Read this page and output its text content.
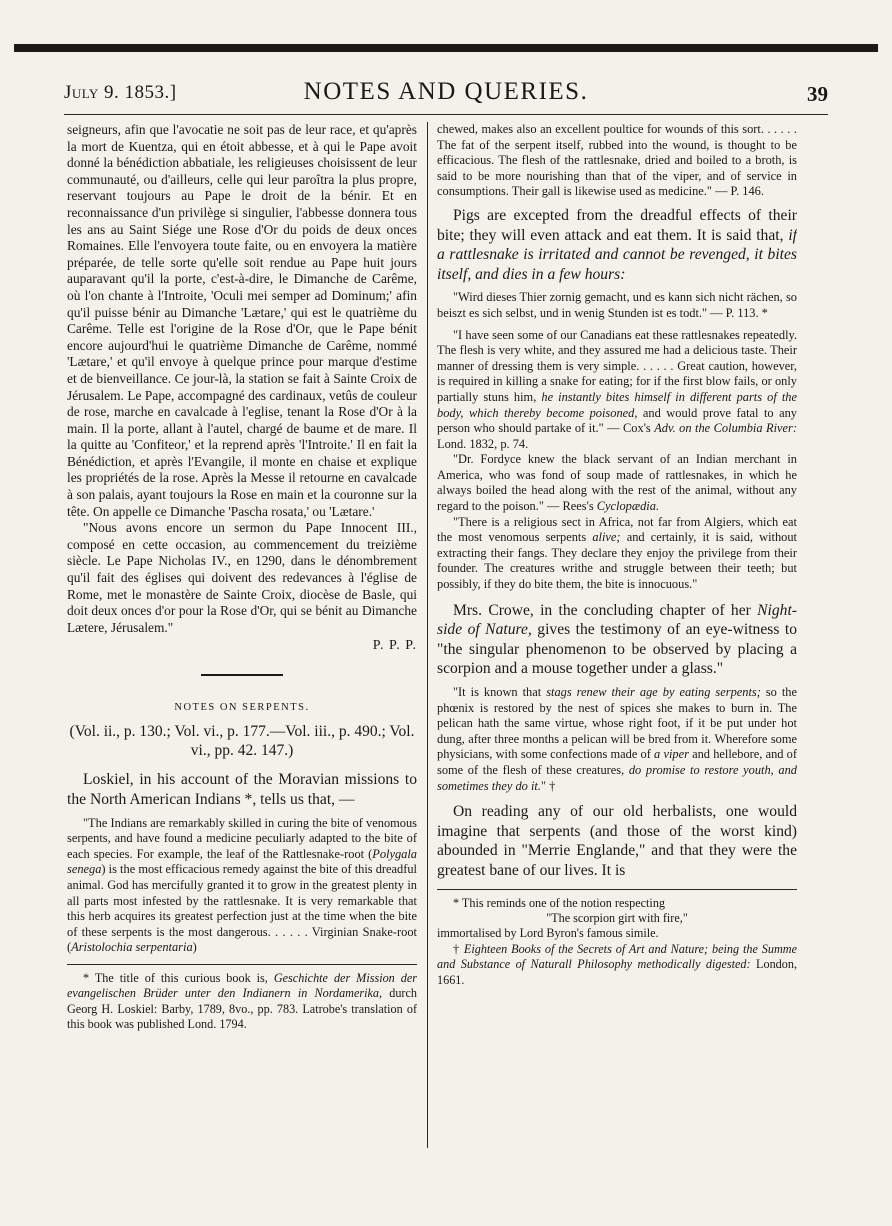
July 9. 1853.]	NOTES AND QUERIES.	39

seigneurs, afin que l'avocatie ne soit pas de leur race, et qu'après la mort de Kuentza, qui en étoit abbesse, et à qui le Pape avoit donné la bénédiction abbatiale, les religieuses choisissent de leur communauté, ou d'ailleurs, celle qui leur paroîtra la plus propre, reservant toujours au Pape le droit de la bénir. Et en reconnaissance d'un privilège si singulier, l'abbesse donnera tous les ans au Saint Siége une Rose d'Or du poids de deux onces Romaines. Elle l'envoyera toute faite, ou en envoyera la matière préparée, de telle sorte qu'elle soit rendue au Pape huit jours auparavant qu'il la porte, c'est-à-dire, le Dimanche de Carême, où l'on chante à l'Introite, 'Oculi mei semper ad Dominum;' afin qu'il puisse bénir au Dimanche 'Lætare,' qui est le quatrième du Carême. Telle est l'origine de la Rose d'Or, que le Pape bénit encore aujourd'hui le quatrième Dimanche de Carême, nommé 'Lætare,' et qu'il envoye à quelque prince pour marque d'estime et de bienveillance. Ce jour-là, la station se fait à Sainte Croix de Jérusalem. Le Pape, accompagné des cardinaux, vetûs de couleur de rose, marche en cavalcade à l'eglise, tenant la Rose d'Or à la main. Il la porte, allant à l'autel, chargé de baume et de mare. Il la quitte au 'Confiteor,' et la reprend après 'l'Introite.' Il en fait la Bénédiction, et après l'Evangile, il monte en chaise et explique les propriétés de la rose. Après la Messe il retourne en cavalcade à son palais, ayant toujours la Rose en main et la couronne sur la tête. On appelle ce Dimanche 'Pascha rosata,' ou 'Lætare.'

"Nous avons encore un sermon du Pape Innocent III., composé en cette occasion, au commencement du treizième siècle. Le Pape Nicholas IV., en 1290, dans le dénombrement qu'il fait des églises qui doivent des redevances à l'église de Rome, met le monastère de Sainte Croix, diocèse de Basle, qui doit deux onces d'or pour la Rose d'Or, qui se bénit au Dimanche Lætere, Jérusalem."

P. P. P.
NOTES ON SERPENTS.
(Vol. ii., p. 130.; Vol. vi., p. 177.—Vol. iii., p. 490.; Vol. vi., pp. 42. 147.)

Loskiel, in his account of the Moravian missions to the North American Indians *, tells us that, —

"The Indians are remarkably skilled in curing the bite of venomous serpents, and have found a medicine peculiarly adapted to the bite of each species. For example, the leaf of the Rattlesnake-root (Polygala senega) is the most efficacious remedy against the bite of this dreadful animal. God has mercifully granted it to grow in the greatest plenty in all parts most infested by the rattlesnake. It is very remarkable that this herb acquires its greatest perfection just at the time when the bite of these serpents is the most dangerous. . . . . . Virginian Snake-root (Aristolochia serpentaria)

* The title of this curious book is, Geschichte der Mission der evangelischen Brüder unter den Indianern in Nordamerika, durch Georg H. Loskiel: Barby, 1789, 8vo., pp. 783. Latrobe's translation of this book was published Lond. 1794.

chewed, makes also an excellent poultice for wounds of this sort. . . . . . The fat of the serpent itself, rubbed into the wound, is thought to be efficacious. The flesh of the rattlesnake, dried and boiled to a broth, is said to be more nourishing than that of the viper, and of service in consumptions. Their gall is likewise used as medicine." — P. 146.

Pigs are excepted from the dreadful effects of their bite; they will even attack and eat them. It is said that, if a rattlesnake is irritated and cannot be revenged, it bites itself, and dies in a few hours:

"Wird dieses Thier zornig gemacht, und es kann sich nicht rächen, so beiszt es sich selbst, und in wenig Stunden ist es todt." — P. 113. *

"I have seen some of our Canadians eat these rattlesnakes repeatedly. The flesh is very white, and they assured me had a delicious taste. Their manner of dressing them is very simple. . . . . . Great caution, however, is required in killing a snake for eating; for if the first blow fails, or only partially stuns him, he instantly bites himself in different parts of the body, which thereby become poisoned, and would prove fatal to any person who should partake of it." — Cox's Adv. on the Columbia River: Lond. 1832, p. 74.

"Dr. Fordyce knew the black servant of an Indian merchant in America, who was fond of soup made of rattlesnakes, in which he always boiled the head along with the rest of the animal, without any regard to the poison." — Rees's Cyclopædia.

"There is a religious sect in Africa, not far from Algiers, which eat the most venomous serpents alive; and certainly, it is said, without extracting their fangs. They declare they enjoy the privilege from their founder. The creatures writhe and struggle between their teeth; but possibly, if they do bite them, the bite is innocuous."

Mrs. Crowe, in the concluding chapter of her Night-side of Nature, gives the testimony of an eye-witness to "the singular phenomenon to be observed by placing a scorpion and a mouse together under a glass."

"It is known that stags renew their age by eating serpents; so the phœnix is restored by the nest of spices she makes to burn in. The pelican hath the same virtue, whose right foot, if it be put under hot dung, after three months a pelican will be bred from it. Wherefore some physicians, with some confections made of a viper and hellebore, and of some of the flesh of these creatures, do promise to restore youth, and sometimes they do it." †

On reading any of our old herbalists, one would imagine that serpents (and those of the worst kind) abounded in "Merrie Englande," and that they were the greatest bane of our lives. It is

* This reminds one of the notion respecting

"The scorpion girt with fire,"

immortalised by Lord Byron's famous simile.

† Eighteen Books of the Secrets of Art and Nature; being the Summe and Substance of Naturall Philosophy methodically digested: London, 1661.
